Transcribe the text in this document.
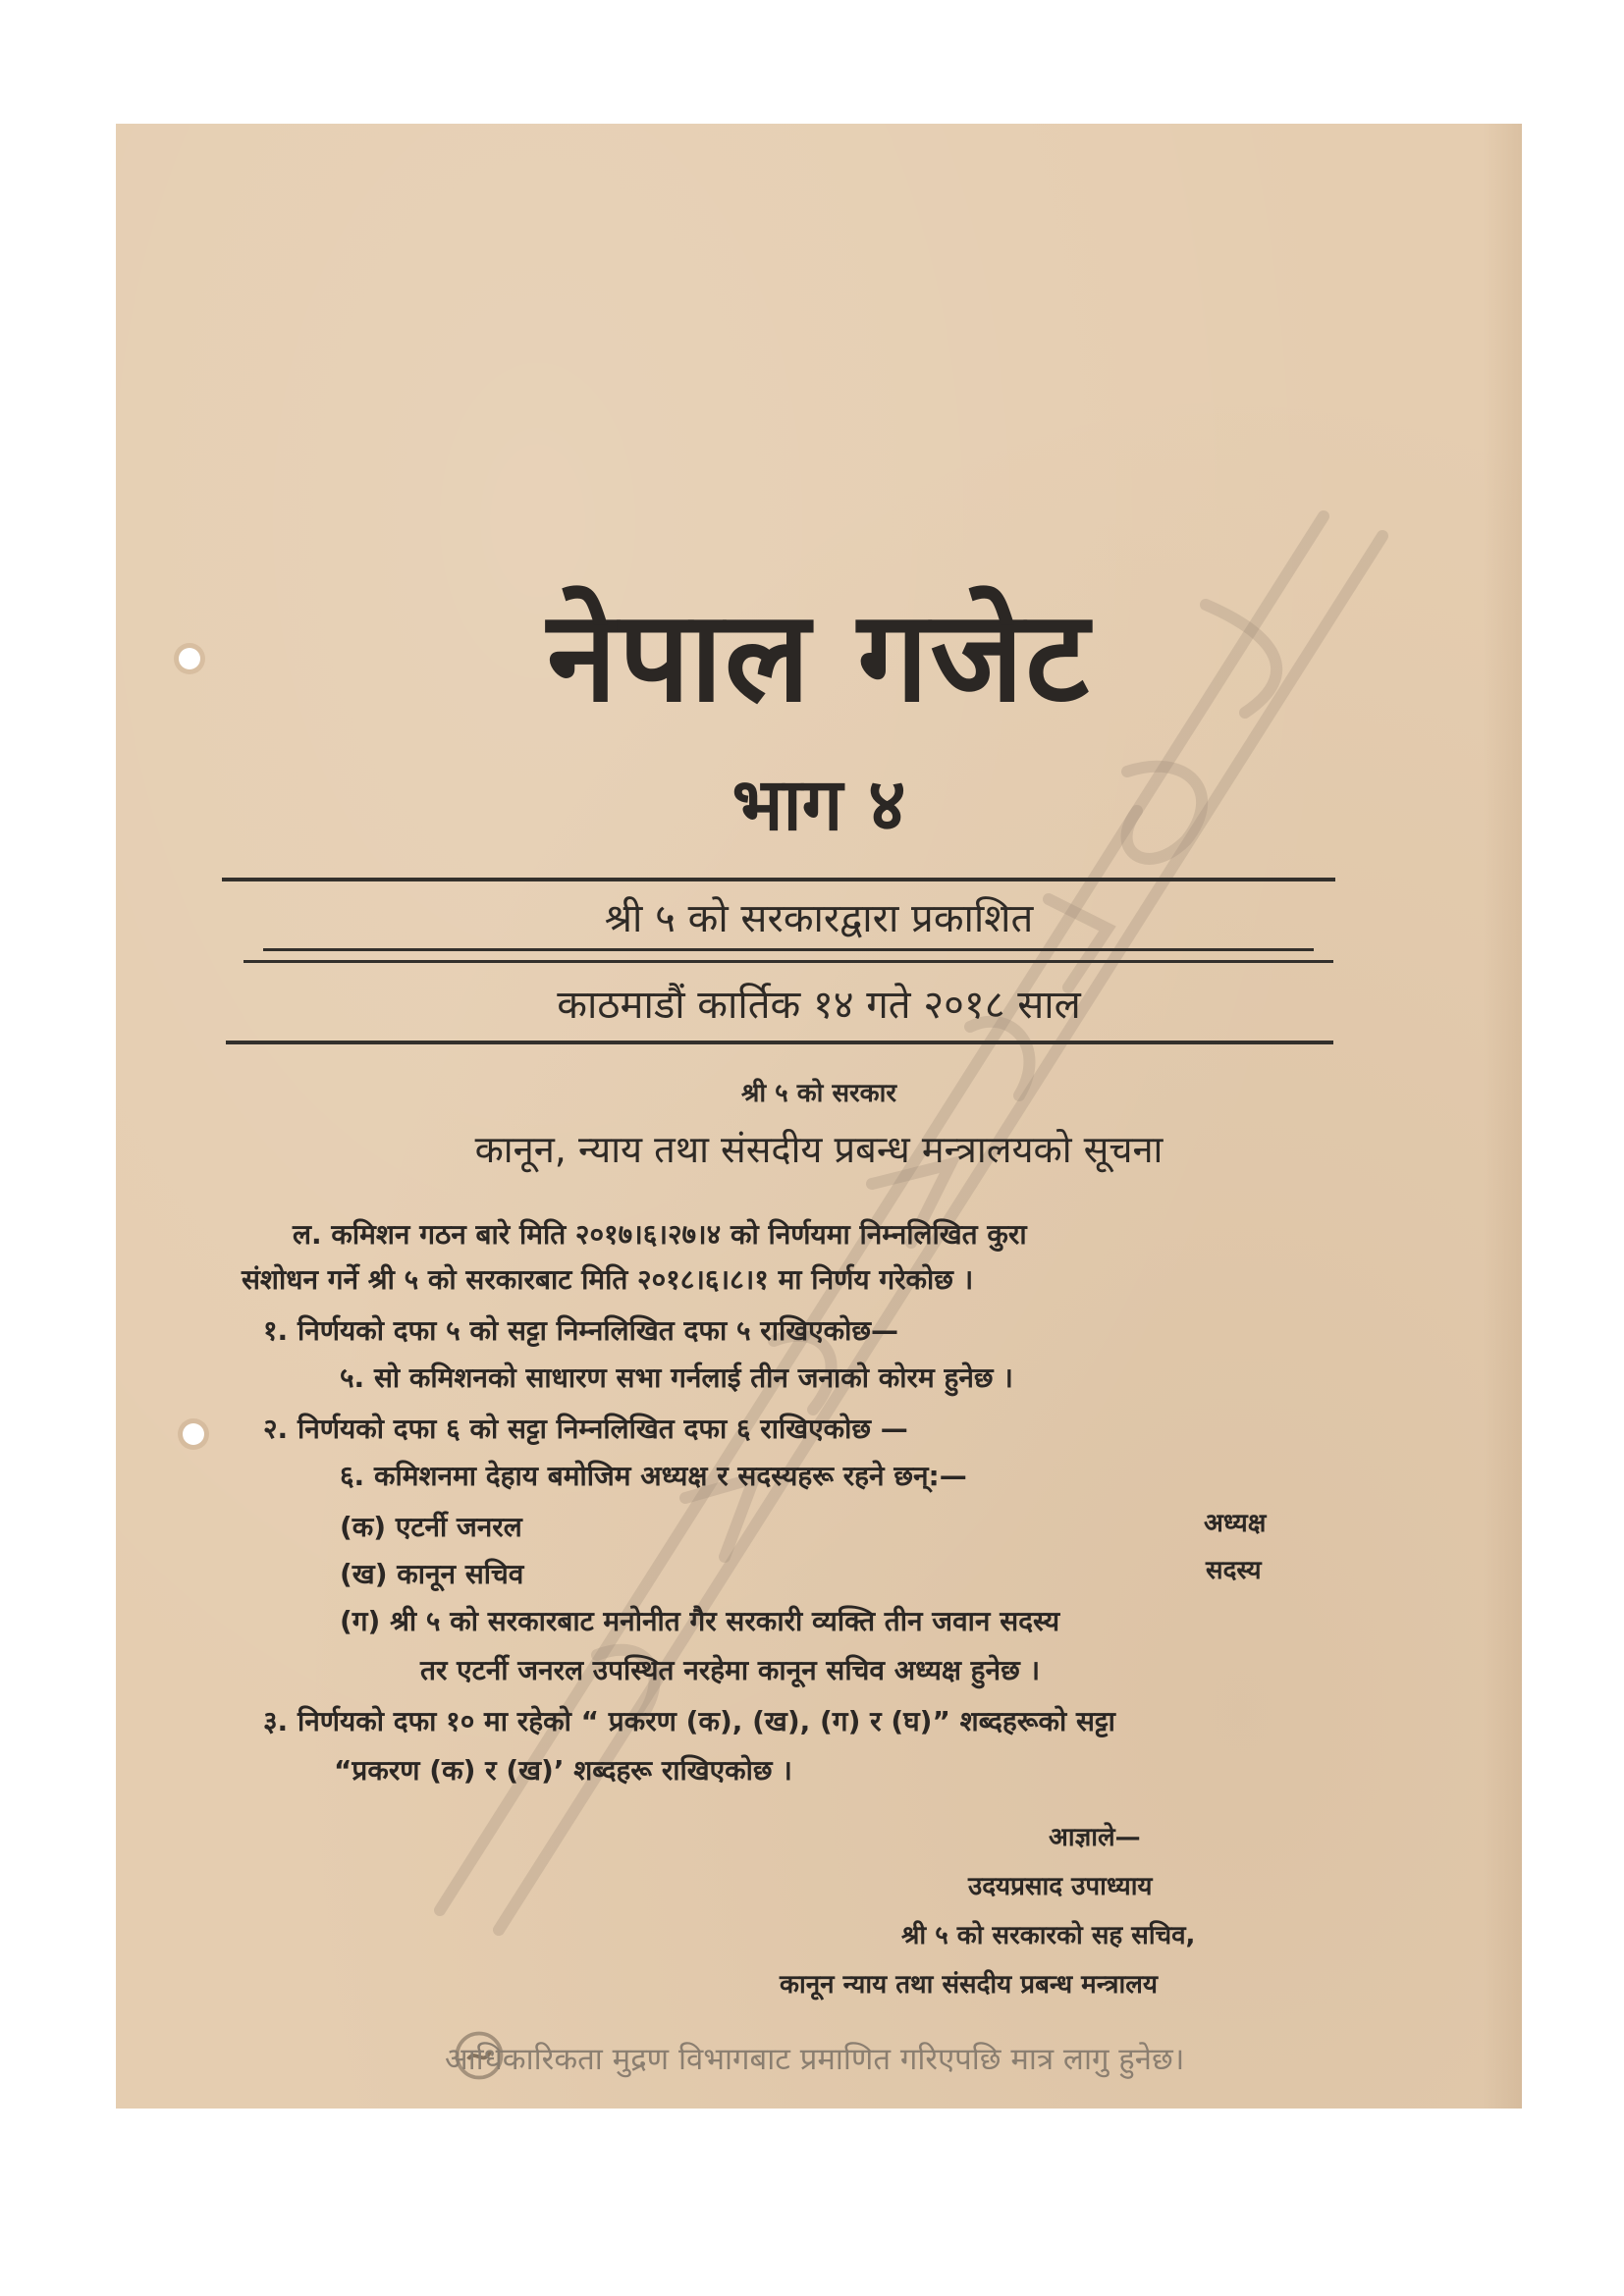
नेपाल गजेट
भाग ४
श्री ५ को सरकारद्वारा प्रकाशित
काठमाडौं कार्तिक १४ गते २०१८ साल
श्री ५ को सरकार
कानून, न्याय तथा संसदीय प्रबन्ध मन्त्रालयको सूचना
ल. कमिशन गठन बारे मिति २०१७।६।२७।४ को निर्णयमा निम्नलिखित कुरा
संशोधन गर्ने श्री ५ को सरकारबाट मिति २०१८।६।८।१ मा निर्णय गरेकोछ ।
१. निर्णयको दफा ५ को सट्टा निम्नलिखित दफा ५ राखिएकोछ—
५. सो कमिशनको साधारण सभा गर्नलाई तीन जनाको कोरम हुनेछ ।
२. निर्णयको दफा ६ को सट्टा निम्नलिखित दफा ६ राखिएकोछ —
६. कमिशनमा देहाय बमोजिम अध्यक्ष र सदस्यहरू रहने छन्:—
(क) एटर्नी जनरल	अध्यक्ष
(ख) कानून सचिव	सदस्य
(ग) श्री ५ को सरकारबाट मनोनीत गैर सरकारी व्यक्ति तीन जवान सदस्य
तर एटर्नी जनरल उपस्थित नरहेमा कानून सचिव अध्यक्ष हुनेछ ।
३. निर्णयको दफा १० मा रहेको “ प्रकरण (क), (ख), (ग) र (घ)” शब्दहरूको सट्टा
“प्रकरण (क) र (ख)’ शब्दहरू राखिएकोछ ।
आज्ञाले—
उदयप्रसाद उपाध्याय
श्री ५ को सरकारको सह सचिव,
कानून न्याय तथा संसदीय प्रबन्ध मन्त्रालय
आधिकारिकता मुद्रण विभागबाट प्रमाणित गरिएपछि मात्र लागु हुनेछ।
